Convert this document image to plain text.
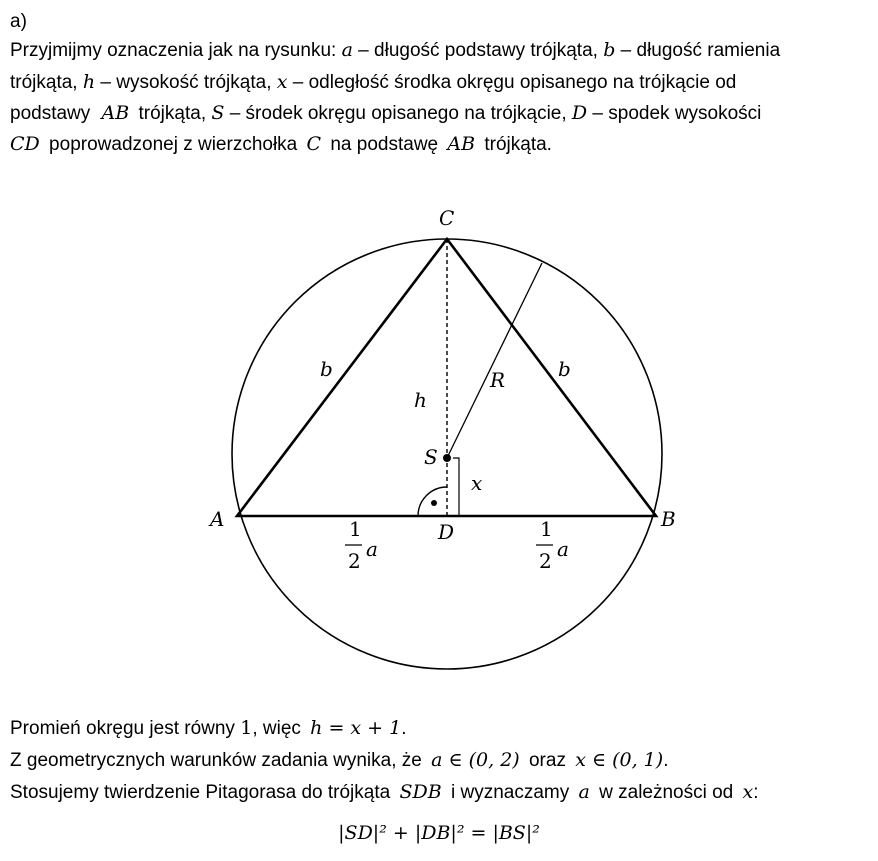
a)
Przyjmijmy oznaczenia jak na rysunku: a – długość podstawy trójkąta, b – długość ramienia
trójkąta, h – wysokość trójkąta, x – odległość środka okręgu opisanego na trójkącie od
podstawy AB trójkąta, S – środek okręgu opisanego na trójkącie, D – spodek wysokości
CD poprowadzonej z wierzchołka C na podstawę AB trójkąta.
C
A	B
D
S
b	b
h
R
x
1
2 a
1
2 a
Promień okręgu jest równy 1, więc h = x + 1.
Z geometrycznych warunków zadania wynika, że a ∈ (0, 2) oraz x ∈ (0, 1).
Stosujemy twierdzenie Pitagorasa do trójkąta SDB i wyznaczamy a w zależności od x:
|SD|² + |DB|² = |BS|²
